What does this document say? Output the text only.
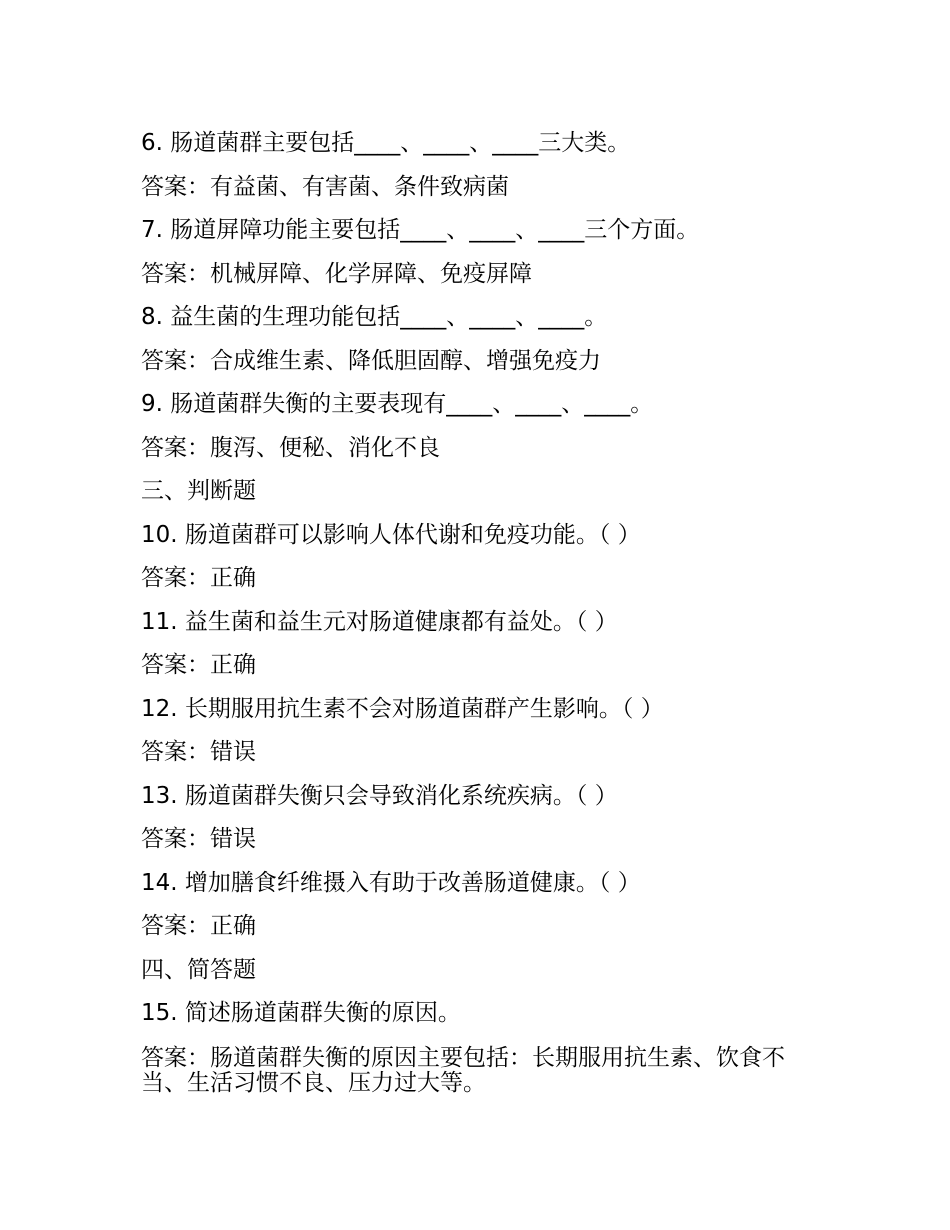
6. 肠道菌群主要包括____、____、____三大类。
答案：有益菌、有害菌、条件致病菌
7. 肠道屏障功能主要包括____、____、____三个方面。
答案：机械屏障、化学屏障、免疫屏障
8. 益生菌的生理功能包括____、____、____。
答案：合成维生素、降低胆固醇、增强免疫力
9. 肠道菌群失衡的主要表现有____、____、____。
答案：腹泻、便秘、消化不良
三、判断题
10. 肠道菌群可以影响人体代谢和免疫功能。（ ）
答案：正确
11. 益生菌和益生元对肠道健康都有益处。（ ）
答案：正确
12. 长期服用抗生素不会对肠道菌群产生影响。（ ）
答案：错误
13. 肠道菌群失衡只会导致消化系统疾病。（ ）
答案：错误
14. 增加膳食纤维摄入有助于改善肠道健康。（ ）
答案：正确
四、简答题
15. 简述肠道菌群失衡的原因。
答案：肠道菌群失衡的原因主要包括：长期服用抗生素、饮食不当、生活习惯不良、压力过大等。
